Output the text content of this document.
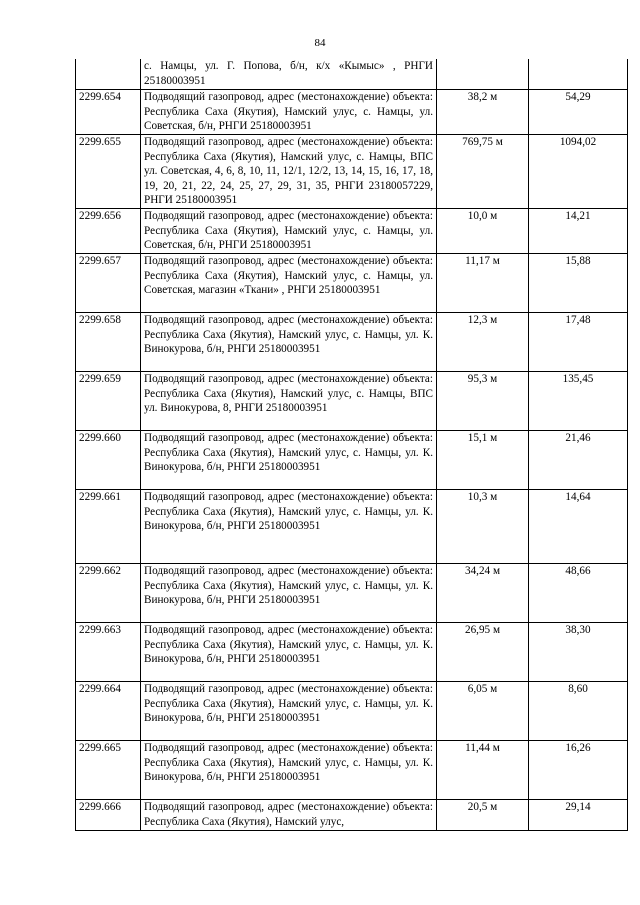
84
	с. Намцы, ул. Г. Попова, б/н, к/х «Кымыс» , РНГИ 25180003951		
2299.654	Подводящий газопровод, адрес (местонахождение) объекта: Республика Саха (Якутия), Намский улус, с. Намцы, ул. Советская, б/н, РНГИ 25180003951	38,2 м	54,29
2299.655	Подводящий газопровод, адрес (местонахождение) объекта: Республика Саха (Якутия), Намский улус, с. Намцы, ВПС ул. Советская, 4, 6, 8, 10, 11, 12/1, 12/2, 13, 14, 15, 16, 17, 18, 19, 20, 21, 22, 24, 25, 27, 29, 31, 35, РНГИ 23180057229, РНГИ 25180003951	769,75 м	1094,02
2299.656	Подводящий газопровод, адрес (местонахождение) объекта: Республика Саха (Якутия), Намский улус, с. Намцы, ул. Советская, б/н, РНГИ 25180003951	10,0 м	14,21
2299.657	Подводящий газопровод, адрес (местонахождение) объекта: Республика Саха (Якутия), Намский улус, с. Намцы, ул. Советская, магазин «Ткани» , РНГИ 25180003951	11,17 м	15,88
2299.658	Подводящий газопровод, адрес (местонахождение) объекта: Республика Саха (Якутия), Намский улус, с. Намцы, ул. К. Винокурова, б/н, РНГИ 25180003951	12,3 м	17,48
2299.659	Подводящий газопровод, адрес (местонахождение) объекта: Республика Саха (Якутия), Намский улус, с. Намцы, ВПС ул. Винокурова, 8, РНГИ 25180003951	95,3 м	135,45
2299.660	Подводящий газопровод, адрес (местонахождение) объекта: Республика Саха (Якутия), Намский улус, с. Намцы, ул. К. Винокурова, б/н, РНГИ 25180003951	15,1 м	21,46
2299.661	Подводящий газопровод, адрес (местонахождение) объекта: Республика Саха (Якутия), Намский улус, с. Намцы, ул. К. Винокурова, б/н, РНГИ 25180003951	10,3 м	14,64
2299.662	Подводящий газопровод, адрес (местонахождение) объекта: Республика Саха (Якутия), Намский улус, с. Намцы, ул. К. Винокурова, б/н, РНГИ 25180003951	34,24 м	48,66
2299.663	Подводящий газопровод, адрес (местонахождение) объекта: Республика Саха (Якутия), Намский улус, с. Намцы, ул. К. Винокурова, б/н, РНГИ 25180003951	26,95 м	38,30
2299.664	Подводящий газопровод, адрес (местонахождение) объекта: Республика Саха (Якутия), Намский улус, с. Намцы, ул. К. Винокурова, б/н, РНГИ 25180003951	6,05 м	8,60
2299.665	Подводящий газопровод, адрес (местонахождение) объекта: Республика Саха (Якутия), Намский улус, с. Намцы, ул. К. Винокурова, б/н, РНГИ 25180003951	11,44 м	16,26
2299.666	Подводящий газопровод, адрес (местонахождение) объекта: Республика Саха (Якутия), Намский улус,	20,5 м	29,14
